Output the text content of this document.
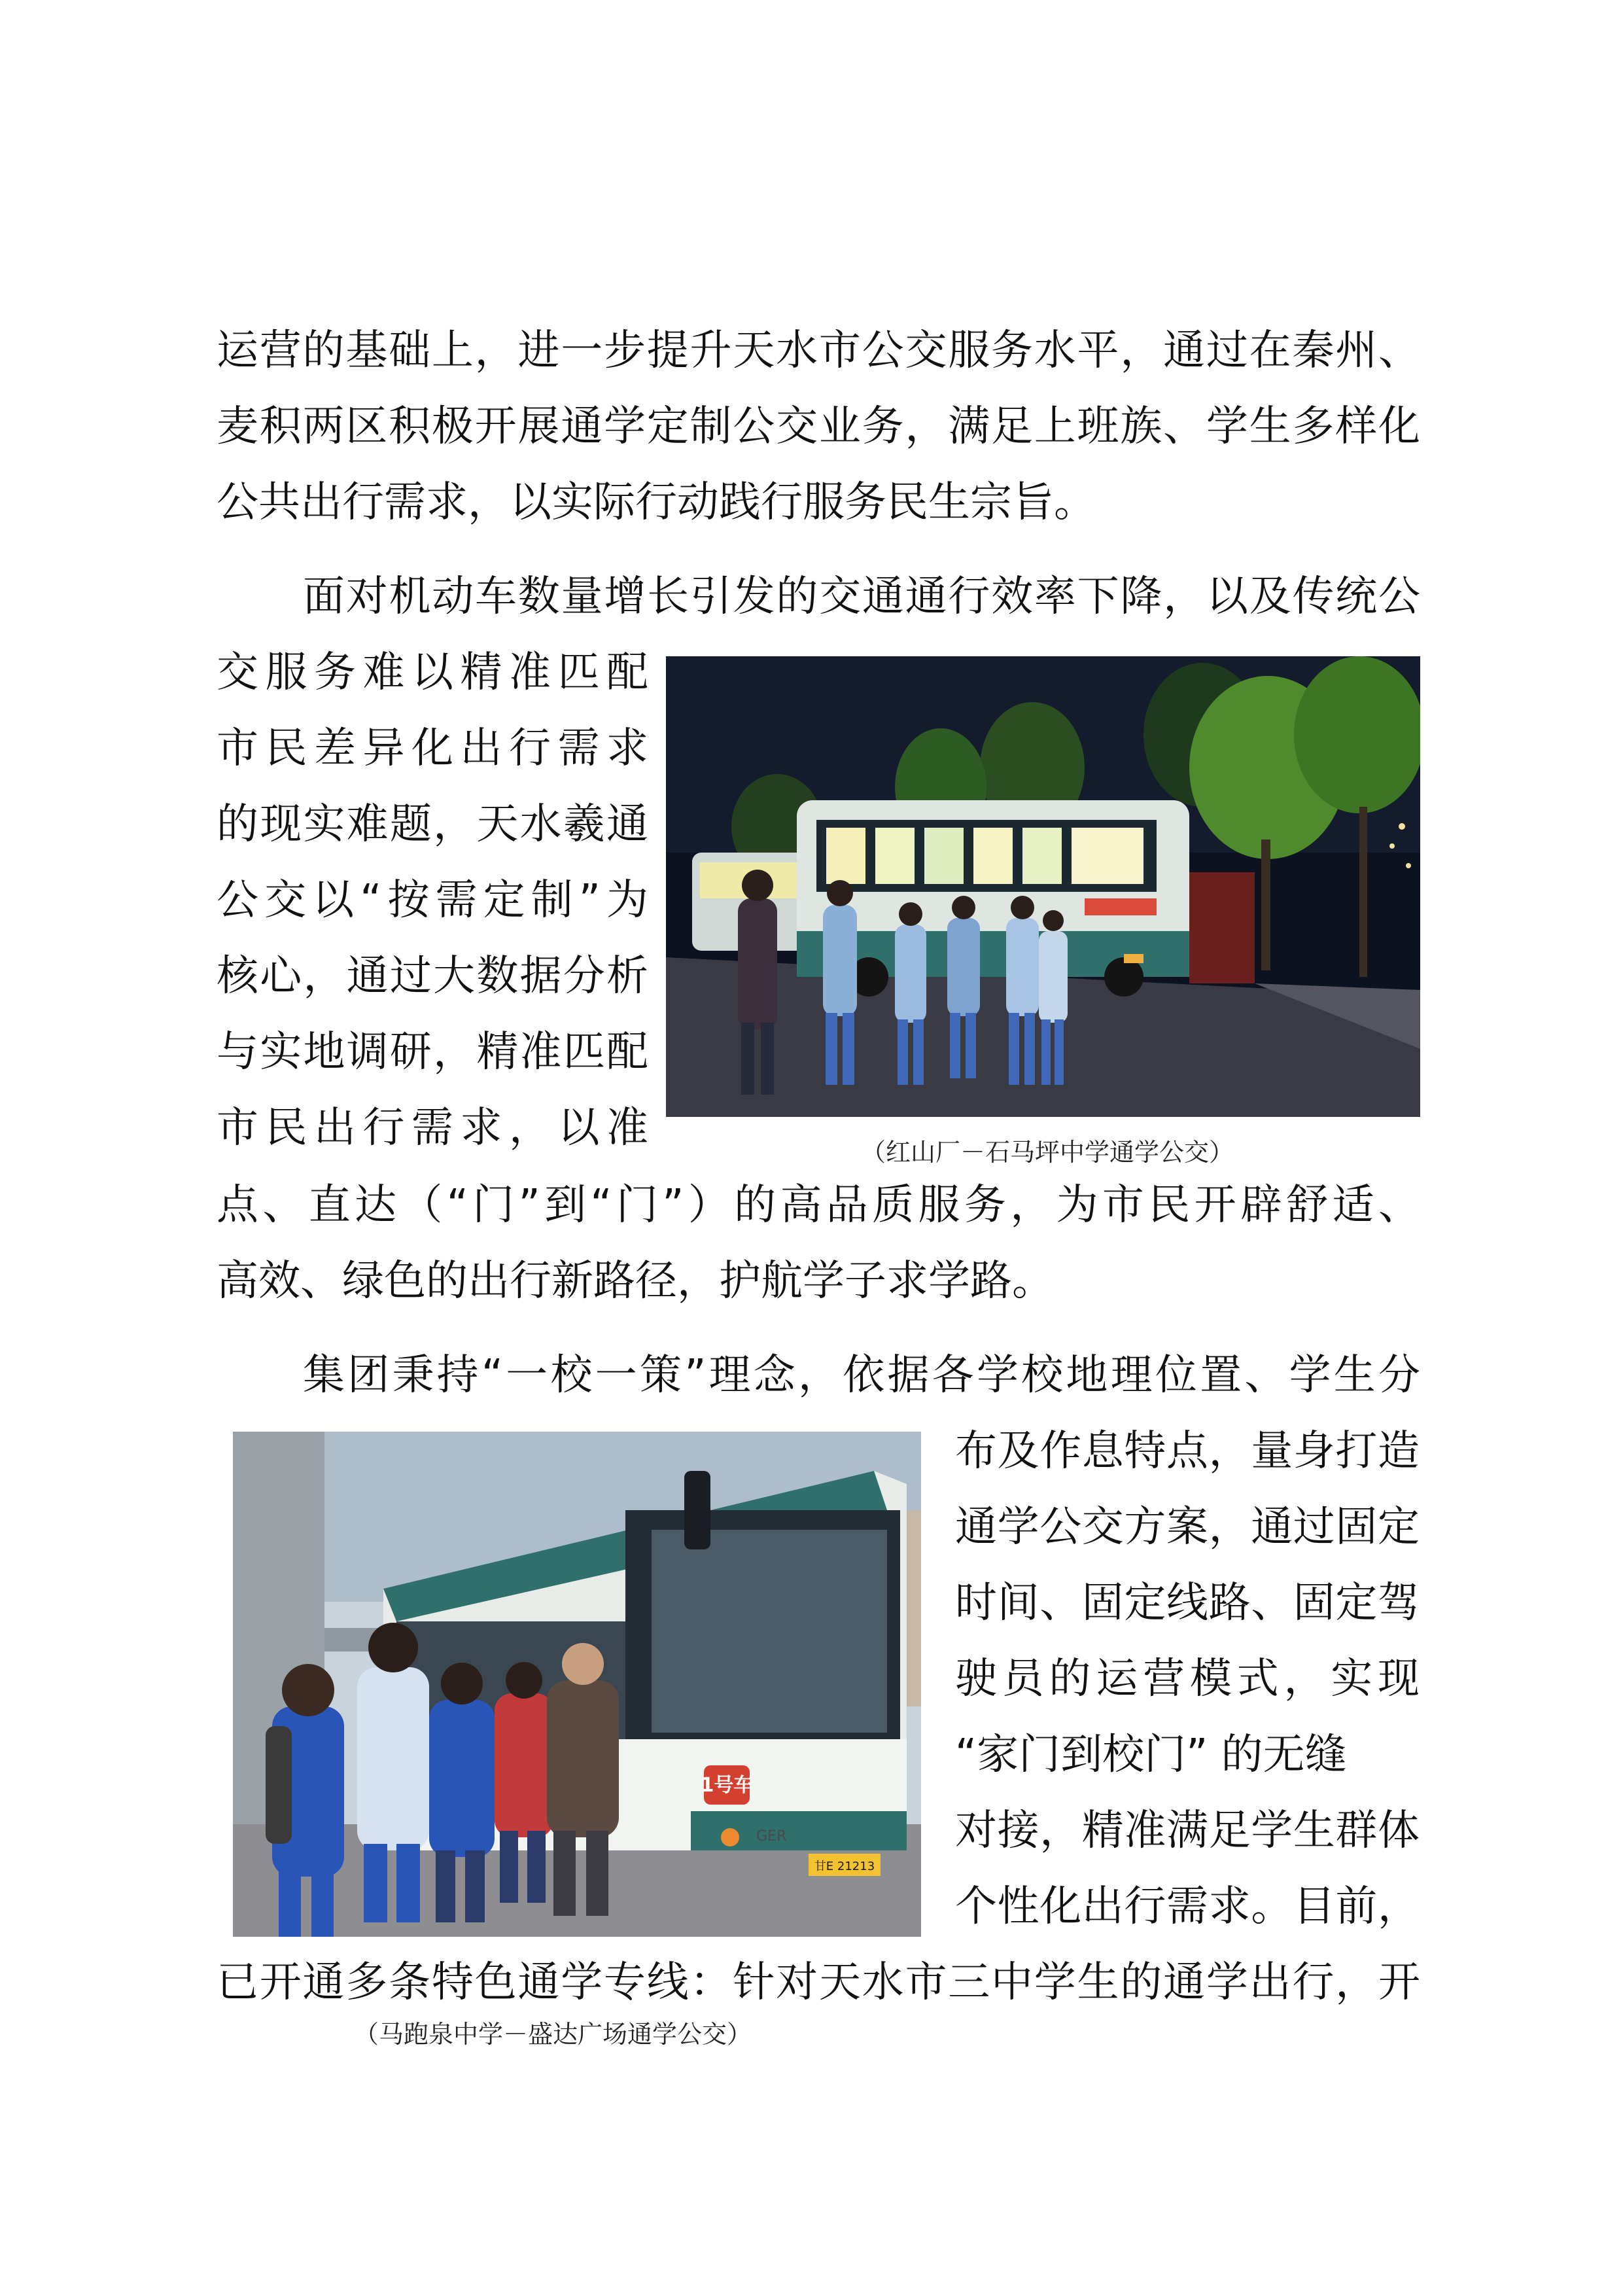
运营的基础上，进一步提升天水市公交服务水平，通过在秦州、
麦积两区积极开展通学定制公交业务，满足上班族、学生多样化
公共出行需求，以实际行动践行服务民生宗旨。
面对机动车数量增长引发的交通通行效率下降，以及传统公
交服务难以精准匹配
市民差异化出行需求
的现实难题，天水羲通
公交以“按需定制”为
核心，通过大数据分析
与实地调研，精准匹配
市民出行需求，以准
点、直达（“门”到“门”）的高品质服务，为市民开辟舒适、
高效、绿色的出行新路径，护航学子求学路。
（红山厂－石马坪中学通学公交）
集团秉持“一校一策”理念，依据各学校地理位置、学生分
布及作息特点，量身打造
通学公交方案，通过固定
时间、固定线路、固定驾
驶员的运营模式，实现
“家门到校门” 的无缝
对接，精准满足学生群体
个性化出行需求。目前，
已开通多条特色通学专线：针对天水市三中学生的通学出行，开
1号车
GER
甘E 21213
（马跑泉中学－盛达广场通学公交）
